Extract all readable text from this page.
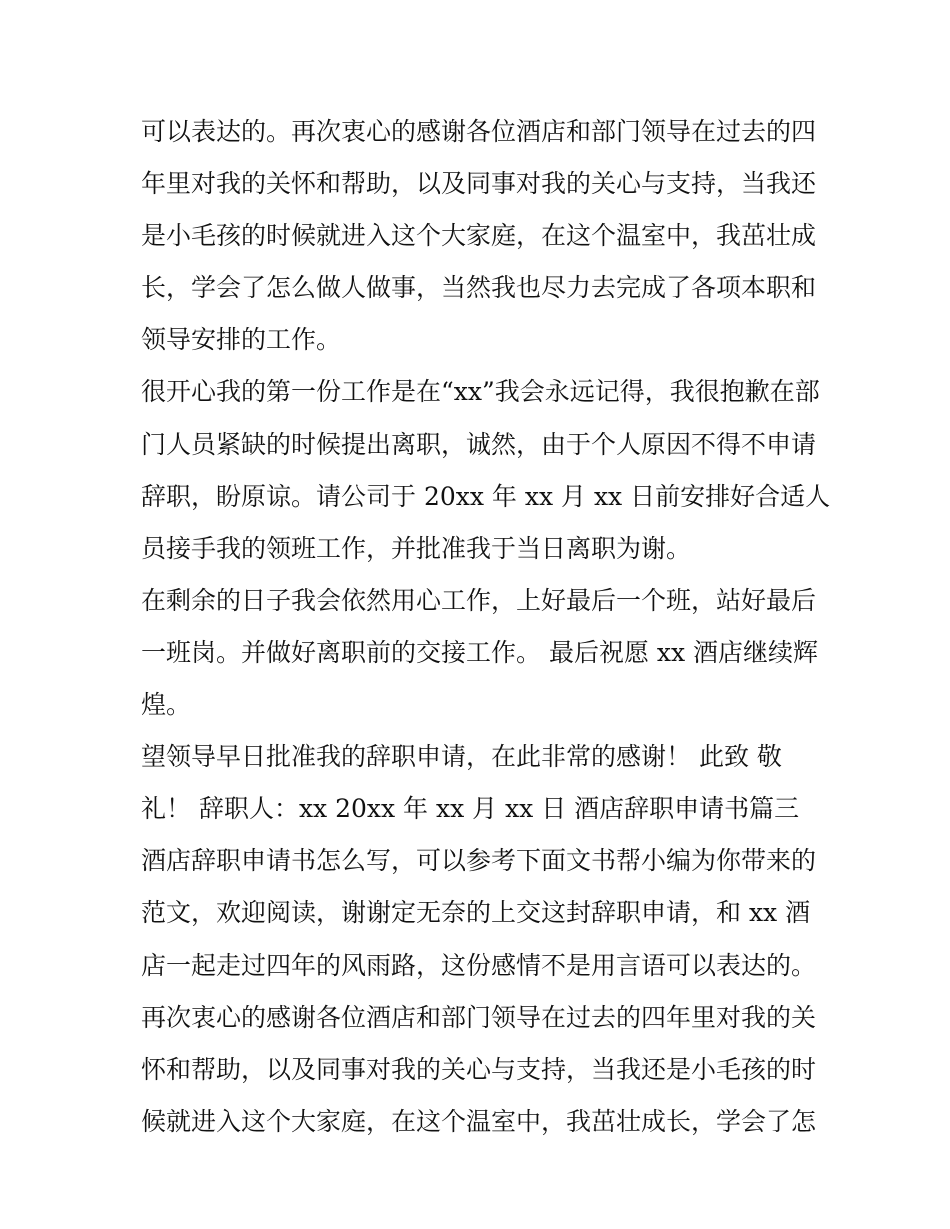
可以表达的。再次衷心的感谢各位酒店和部门领导在过去的四
年里对我的关怀和帮助，以及同事对我的关心与支持，当我还
是小毛孩的时候就进入这个大家庭，在这个温室中，我茁壮成
长，学会了怎么做人做事，当然我也尽力去完成了各项本职和
领导安排的工作。
很开心我的第一份工作是在“xx”我会永远记得，我很抱歉在部
门人员紧缺的时候提出离职，诚然，由于个人原因不得不申请
辞职，盼原谅。请公司于 20xx 年 xx 月 xx 日前安排好合适人
员接手我的领班工作，并批准我于当日离职为谢。
在剩余的日子我会依然用心工作，上好最后一个班，站好最后
一班岗。并做好离职前的交接工作。 最后祝愿 xx 酒店继续辉
煌。
望领导早日批准我的辞职申请，在此非常的感谢！ 此致 敬
礼！ 辞职人：xx 20xx 年 xx 月 xx 日 酒店辞职申请书篇三
酒店辞职申请书怎么写，可以参考下面文书帮小编为你带来的
范文，欢迎阅读，谢谢定无奈的上交这封辞职申请，和 xx 酒
店一起走过四年的风雨路，这份感情不是用言语可以表达的。
再次衷心的感谢各位酒店和部门领导在过去的四年里对我的关
怀和帮助，以及同事对我的关心与支持，当我还是小毛孩的时
候就进入这个大家庭，在这个温室中，我茁壮成长，学会了怎
